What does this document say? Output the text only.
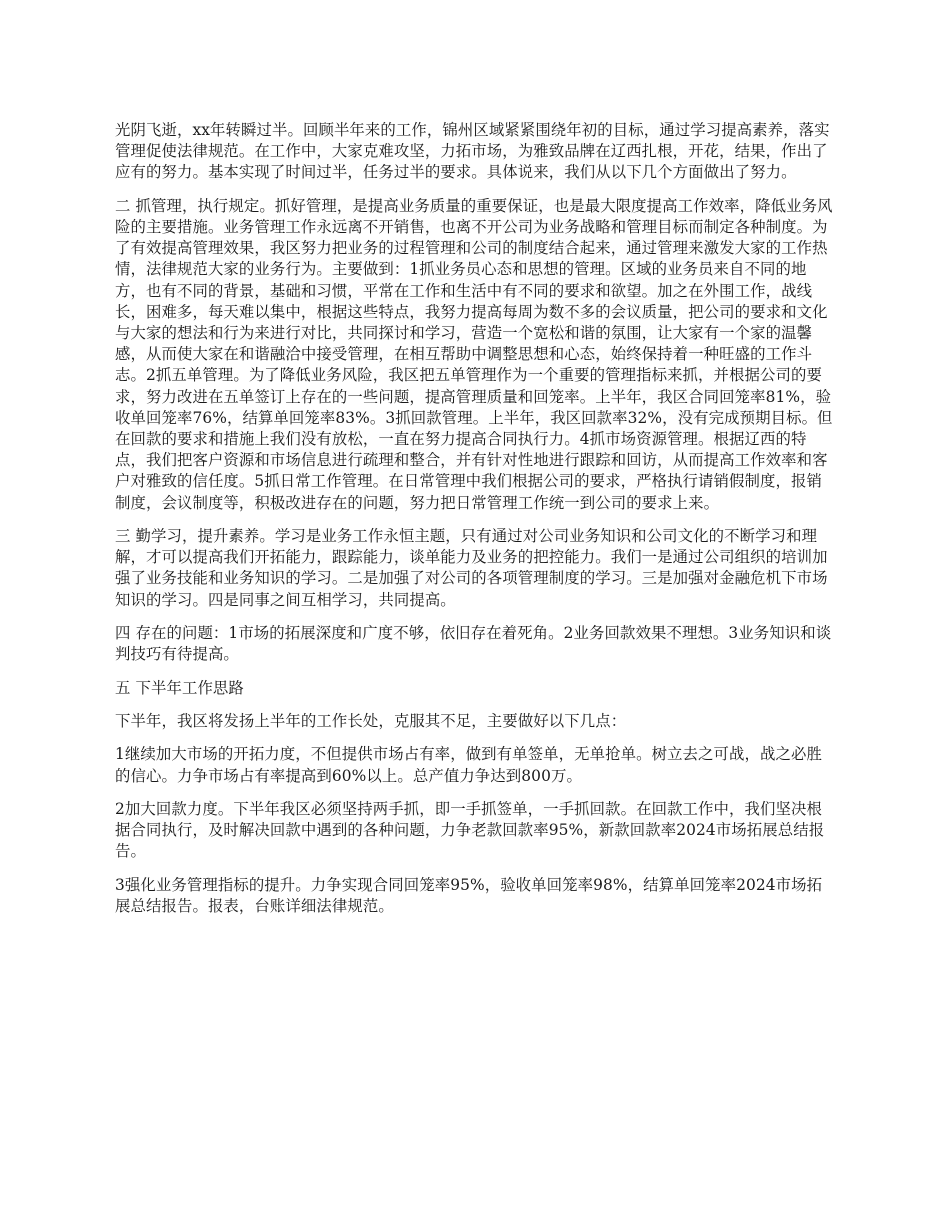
光阴飞逝，xx年转瞬过半。回顾半年来的工作，锦州区域紧紧围绕年初的目标，通过学习提高素养，落实管理促使法律规范。在工作中，大家克难攻坚，力拓市场，为雅致品牌在辽西扎根，开花，结果，作出了应有的努力。基本实现了时间过半，任务过半的要求。具体说来，我们从以下几个方面做出了努力。

二 抓管理，执行规定。抓好管理，是提高业务质量的重要保证，也是最大限度提高工作效率，降低业务风险的主要措施。业务管理工作永远离不开销售，也离不开公司为业务战略和管理目标而制定各种制度。为了有效提高管理效果，我区努力把业务的过程管理和公司的制度结合起来，通过管理来激发大家的工作热情，法律规范大家的业务行为。主要做到：1抓业务员心态和思想的管理。区域的业务员来自不同的地方，也有不同的背景，基础和习惯，平常在工作和生活中有不同的要求和欲望。加之在外围工作，战线长，困难多，每天难以集中，根据这些特点，我努力提高每周为数不多的会议质量，把公司的要求和文化与大家的想法和行为来进行对比，共同探讨和学习，营造一个宽松和谐的氛围，让大家有一个家的温馨感，从而使大家在和谐融洽中接受管理，在相互帮助中调整思想和心态，始终保持着一种旺盛的工作斗志。2抓五单管理。为了降低业务风险，我区把五单管理作为一个重要的管理指标来抓，并根据公司的要求，努力改进在五单签订上存在的一些问题，提高管理质量和回笼率。上半年，我区合同回笼率81%，验收单回笼率76%，结算单回笼率83%。3抓回款管理。上半年，我区回款率32%，没有完成预期目标。但在回款的要求和措施上我们没有放松，一直在努力提高合同执行力。4抓市场资源管理。根据辽西的特点，我们把客户资源和市场信息进行疏理和整合，并有针对性地进行跟踪和回访，从而提高工作效率和客户对雅致的信任度。5抓日常工作管理。在日常管理中我们根据公司的要求，严格执行请销假制度，报销制度，会议制度等，积极改进存在的问题，努力把日常管理工作统一到公司的要求上来。

三 勤学习，提升素养。学习是业务工作永恒主题，只有通过对公司业务知识和公司文化的不断学习和理解，才可以提高我们开拓能力，跟踪能力，谈单能力及业务的把控能力。我们一是通过公司组织的培训加强了业务技能和业务知识的学习。二是加强了对公司的各项管理制度的学习。三是加强对金融危机下市场知识的学习。四是同事之间互相学习，共同提高。

四 存在的问题：1市场的拓展深度和广度不够，依旧存在着死角。2业务回款效果不理想。3业务知识和谈判技巧有待提高。

五 下半年工作思路

下半年，我区将发扬上半年的工作长处，克服其不足，主要做好以下几点：

1继续加大市场的开拓力度，不但提供市场占有率，做到有单签单，无单抢单。树立去之可战，战之必胜的信心。力争市场占有率提高到60%以上。总产值力争达到800万。

2加大回款力度。下半年我区必须坚持两手抓，即一手抓签单，一手抓回款。在回款工作中，我们坚决根据合同执行，及时解决回款中遇到的各种问题，力争老款回款率95%，新款回款率2024市场拓展总结报告。

3强化业务管理指标的提升。力争实现合同回笼率95%，验收单回笼率98%，结算单回笼率2024市场拓展总结报告。报表，台账详细法律规范。
